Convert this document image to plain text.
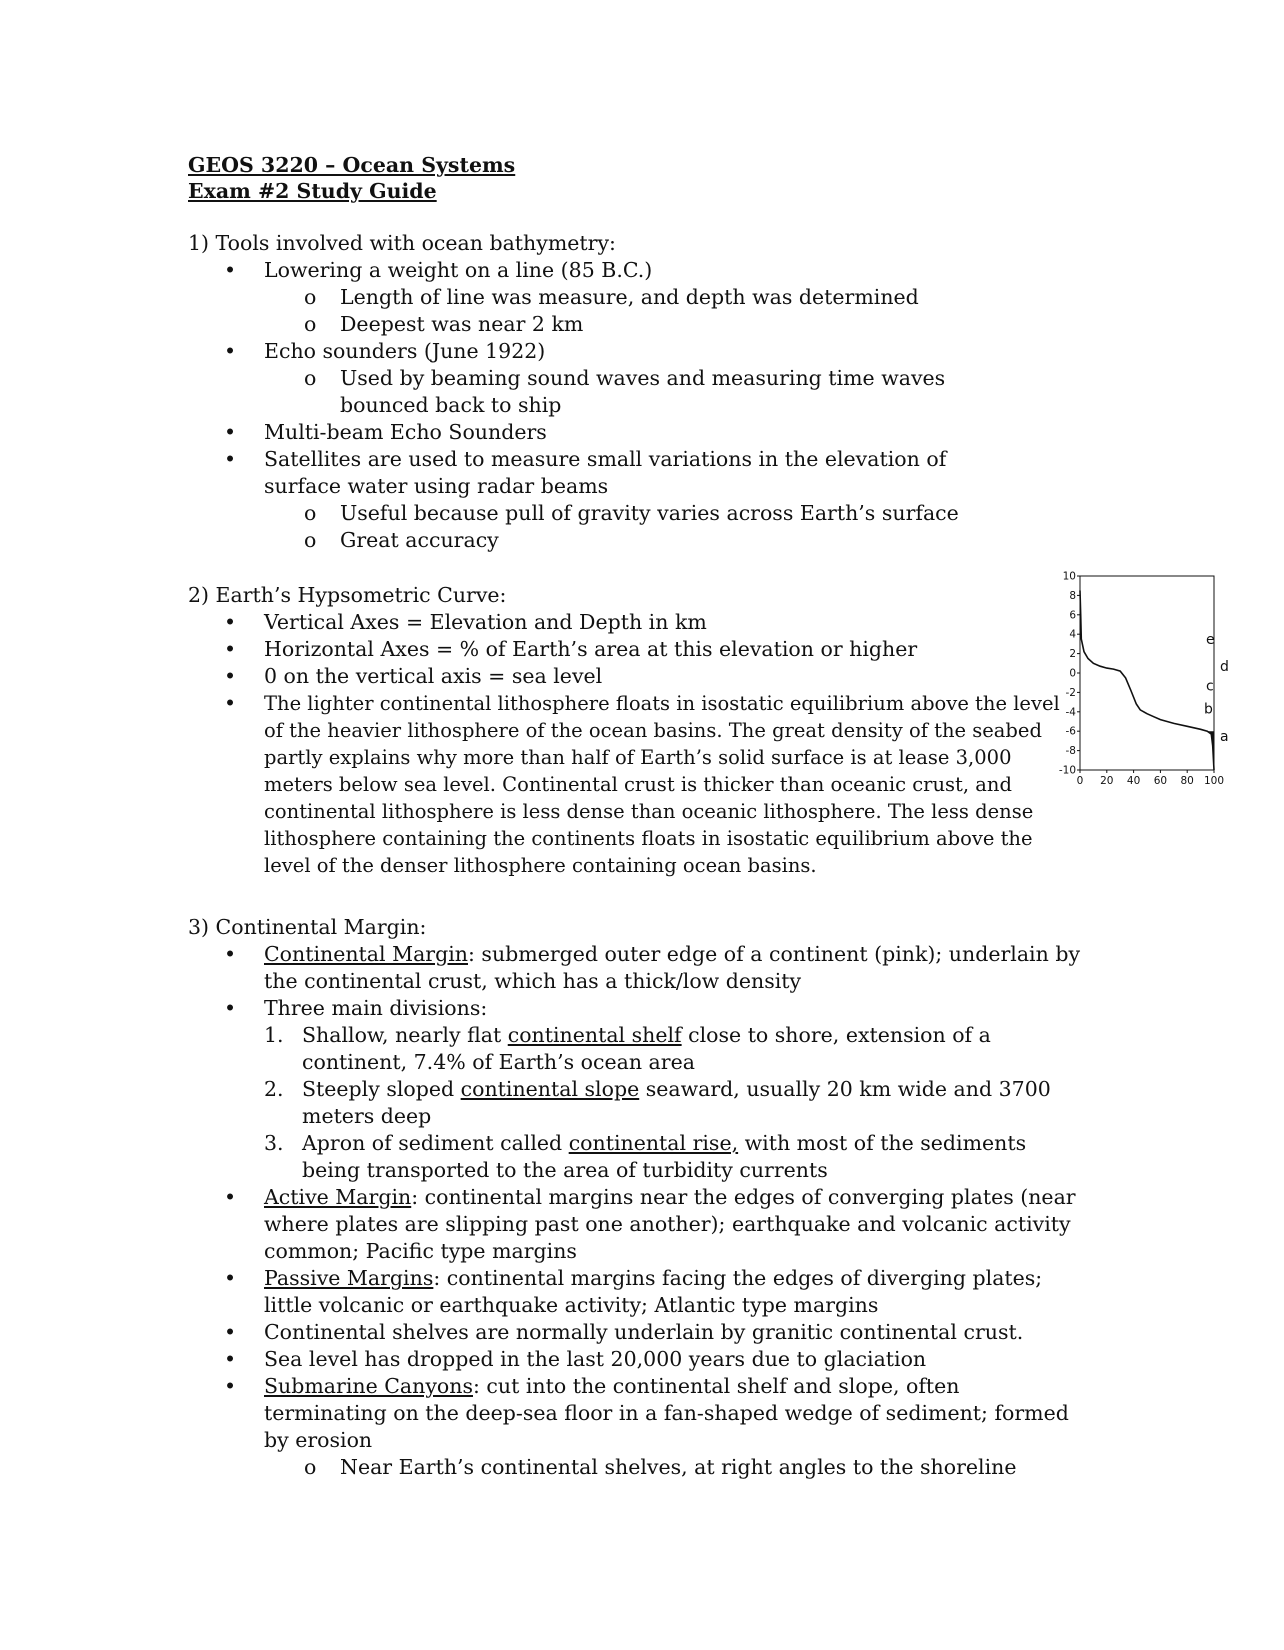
GEOS 3220 – Ocean Systems
Exam #2 Study Guide
1) Tools involved with ocean bathymetry:
• Lowering a weight on a line (85 B.C.)
o Length of line was measure, and depth was determined
o Deepest was near 2 km
• Echo sounders (June 1922)
o Used by beaming sound waves and measuring time waves bounced back to ship
• Multi-beam Echo Sounders
• Satellites are used to measure small variations in the elevation of surface water using radar beams
o Useful because pull of gravity varies across Earth’s surface
o Great accuracy
2) Earth’s Hypsometric Curve:
• Vertical Axes = Elevation and Depth in km
• Horizontal Axes = % of Earth’s area at this elevation or higher
• 0 on the vertical axis = sea level
• The lighter continental lithosphere floats in isostatic equilibrium above the level of the heavier lithosphere of the ocean basins. The great density of the seabed partly explains why more than half of Earth’s solid surface is at lease 3,000 meters below sea level. Continental crust is thicker than oceanic crust, and continental lithosphere is less dense than oceanic lithosphere. The less dense lithosphere containing the continents floats in isostatic equilibrium above the level of the denser lithosphere containing ocean basins.
10
8
6
4
2
0
-2
-4
-6
-8
-10
0 20 40 60 80 100
e
d
c
b
a
3) Continental Margin:
• Continental Margin: submerged outer edge of a continent (pink); underlain by the continental crust, which has a thick/low density
• Three main divisions:
1. Shallow, nearly flat continental shelf close to shore, extension of a continent, 7.4% of Earth’s ocean area
2. Steeply sloped continental slope seaward, usually 20 km wide and 3700 meters deep
3. Apron of sediment called continental rise, with most of the sediments being transported to the area of turbidity currents
• Active Margin: continental margins near the edges of converging plates (near where plates are slipping past one another); earthquake and volcanic activity common; Pacific type margins
• Passive Margins: continental margins facing the edges of diverging plates; little volcanic or earthquake activity; Atlantic type margins
• Continental shelves are normally underlain by granitic continental crust.
• Sea level has dropped in the last 20,000 years due to glaciation
• Submarine Canyons: cut into the continental shelf and slope, often terminating on the deep-sea floor in a fan-shaped wedge of sediment; formed by erosion
o Near Earth’s continental shelves, at right angles to the shoreline
